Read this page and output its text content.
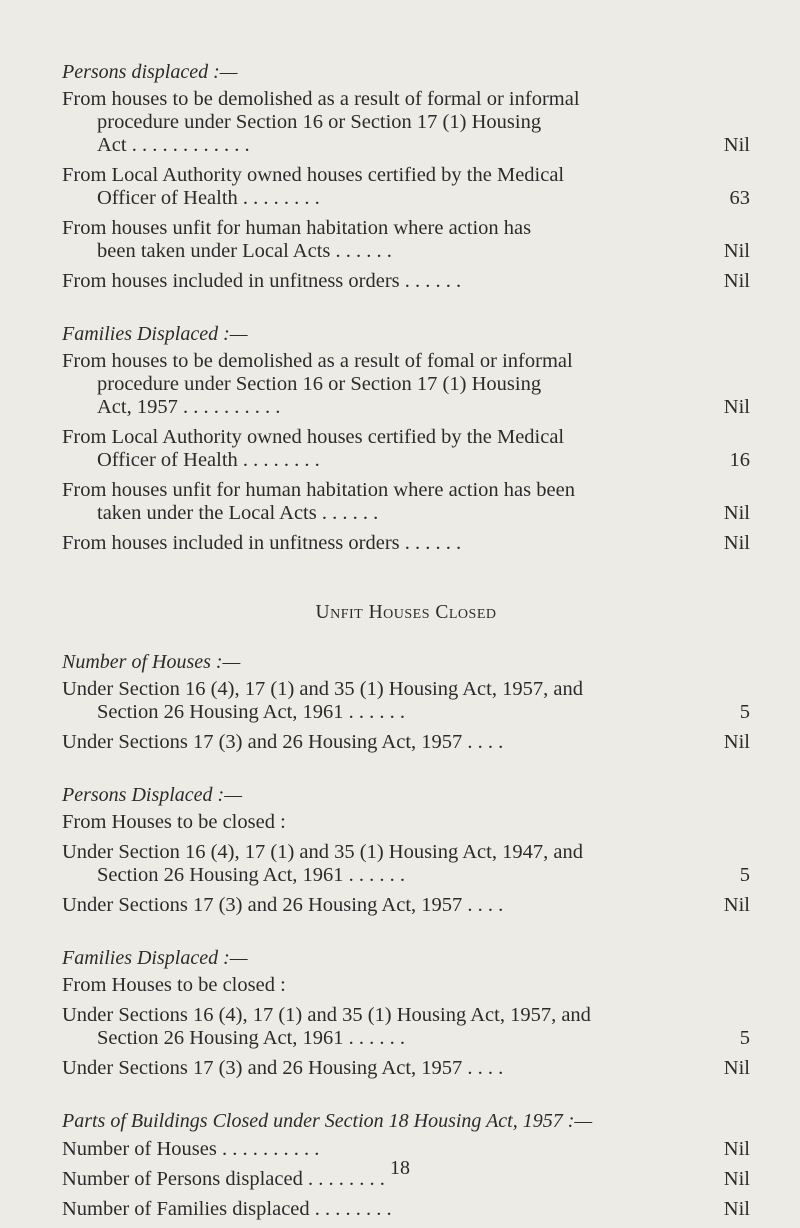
Persons displaced :—
From houses to be demolished as a result of formal or informal
procedure under Section 16 or Section 17 (1) Housing
Act . . . . . . . . . . . .	Nil
From Local Authority owned houses certified by the Medical
Officer of Health . . . . . . . .	63
From houses unfit for human habitation where action has
been taken under Local Acts . . . . . .	Nil
From houses included in unfitness orders . . . . . .	Nil
Families Displaced :—
From houses to be demolished as a result of fomal or informal
procedure under Section 16 or Section 17 (1) Housing
Act, 1957 . . . . . . . . . .	Nil
From Local Authority owned houses certified by the Medical
Officer of Health . . . . . . . .	16
From houses unfit for human habitation where action has been
taken under the Local Acts . . . . . .	Nil
From houses included in unfitness orders . . . . . .	Nil
Unfit Houses Closed
Number of Houses :—
Under Section 16 (4), 17 (1) and 35 (1) Housing Act, 1957, and
Section 26 Housing Act, 1961 . . . . . .	5
Under Sections 17 (3) and 26 Housing Act, 1957 . . . .	Nil
Persons Displaced :—
From Houses to be closed :
Under Section 16 (4), 17 (1) and 35 (1) Housing Act, 1947, and
Section 26 Housing Act, 1961 . . . . . .	5
Under Sections 17 (3) and 26 Housing Act, 1957 . . . .	Nil
Families Displaced :—
From Houses to be closed :
Under Sections 16 (4), 17 (1) and 35 (1) Housing Act, 1957, and
Section 26 Housing Act, 1961 . . . . . .	5
Under Sections 17 (3) and 26 Housing Act, 1957 . . . .	Nil
Parts of Buildings Closed under Section 18 Housing Act, 1957 :—
Number of Houses . . . . . . . . . .	Nil
Number of Persons displaced . . . . . . . .	Nil
Number of Families displaced . . . . . . . .	Nil
18
